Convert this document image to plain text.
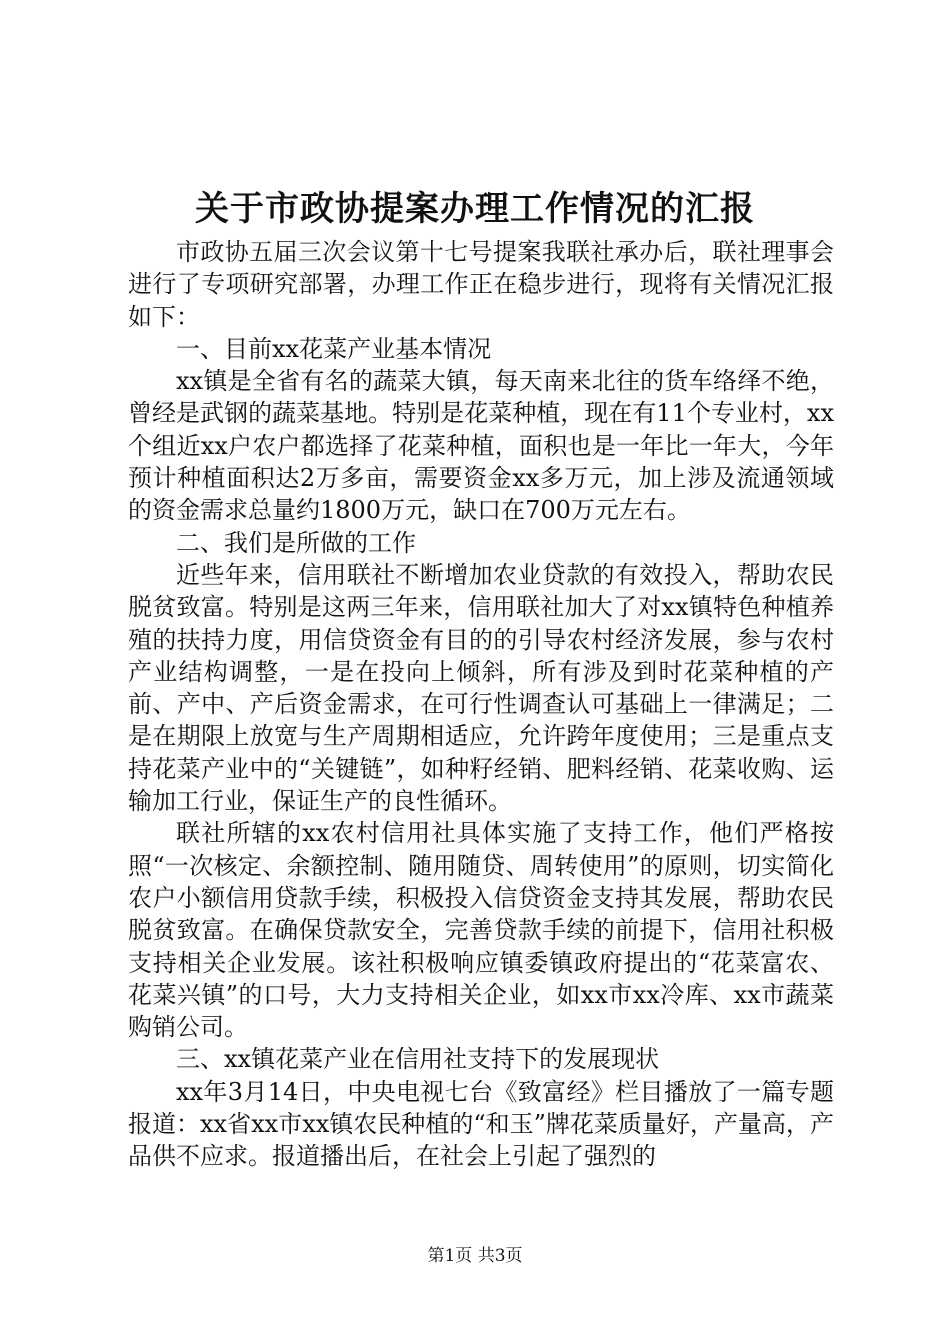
关于市政协提案办理工作情况的汇报

市政协五届三次会议第十七号提案我联社承办后，联社理事会进行了专项研究部署，办理工作正在稳步进行，现将有关情况汇报如下：

一、目前xx花菜产业基本情况

xx镇是全省有名的蔬菜大镇，每天南来北往的货车络绎不绝，曾经是武钢的蔬菜基地。特别是花菜种植，现在有11个专业村，xx个组近xx户农户都选择了花菜种植，面积也是一年比一年大，今年预计种植面积达2万多亩，需要资金xx多万元，加上涉及流通领域的资金需求总量约1800万元，缺口在700万元左右。

二、我们是所做的工作

近些年来，信用联社不断增加农业贷款的有效投入，帮助农民脱贫致富。特别是这两三年来，信用联社加大了对xx镇特色种植养殖的扶持力度，用信贷资金有目的的引导农村经济发展，参与农村产业结构调整，一是在投向上倾斜，所有涉及到时花菜种植的产前、产中、产后资金需求，在可行性调查认可基础上一律满足；二是在期限上放宽与生产周期相适应，允许跨年度使用；三是重点支持花菜产业中的“关键链”，如种籽经销、肥料经销、花菜收购、运输加工行业，保证生产的良性循环。

联社所辖的xx农村信用社具体实施了支持工作，他们严格按照“一次核定、余额控制、随用随贷、周转使用”的原则，切实简化农户小额信用贷款手续，积极投入信贷资金支持其发展，帮助农民脱贫致富。在确保贷款安全，完善贷款手续的前提下，信用社积极支持相关企业发展。该社积极响应镇委镇政府提出的“花菜富农、花菜兴镇”的口号，大力支持相关企业，如xx市xx冷库、xx市蔬菜购销公司。

三、xx镇花菜产业在信用社支持下的发展现状

xx年3月14日，中央电视七台《致富经》栏目播放了一篇专题报道：xx省xx市xx镇农民种植的“和玉”牌花菜质量好，产量高，产品供不应求。报道播出后，在社会上引起了强烈的

第1页 共3页
